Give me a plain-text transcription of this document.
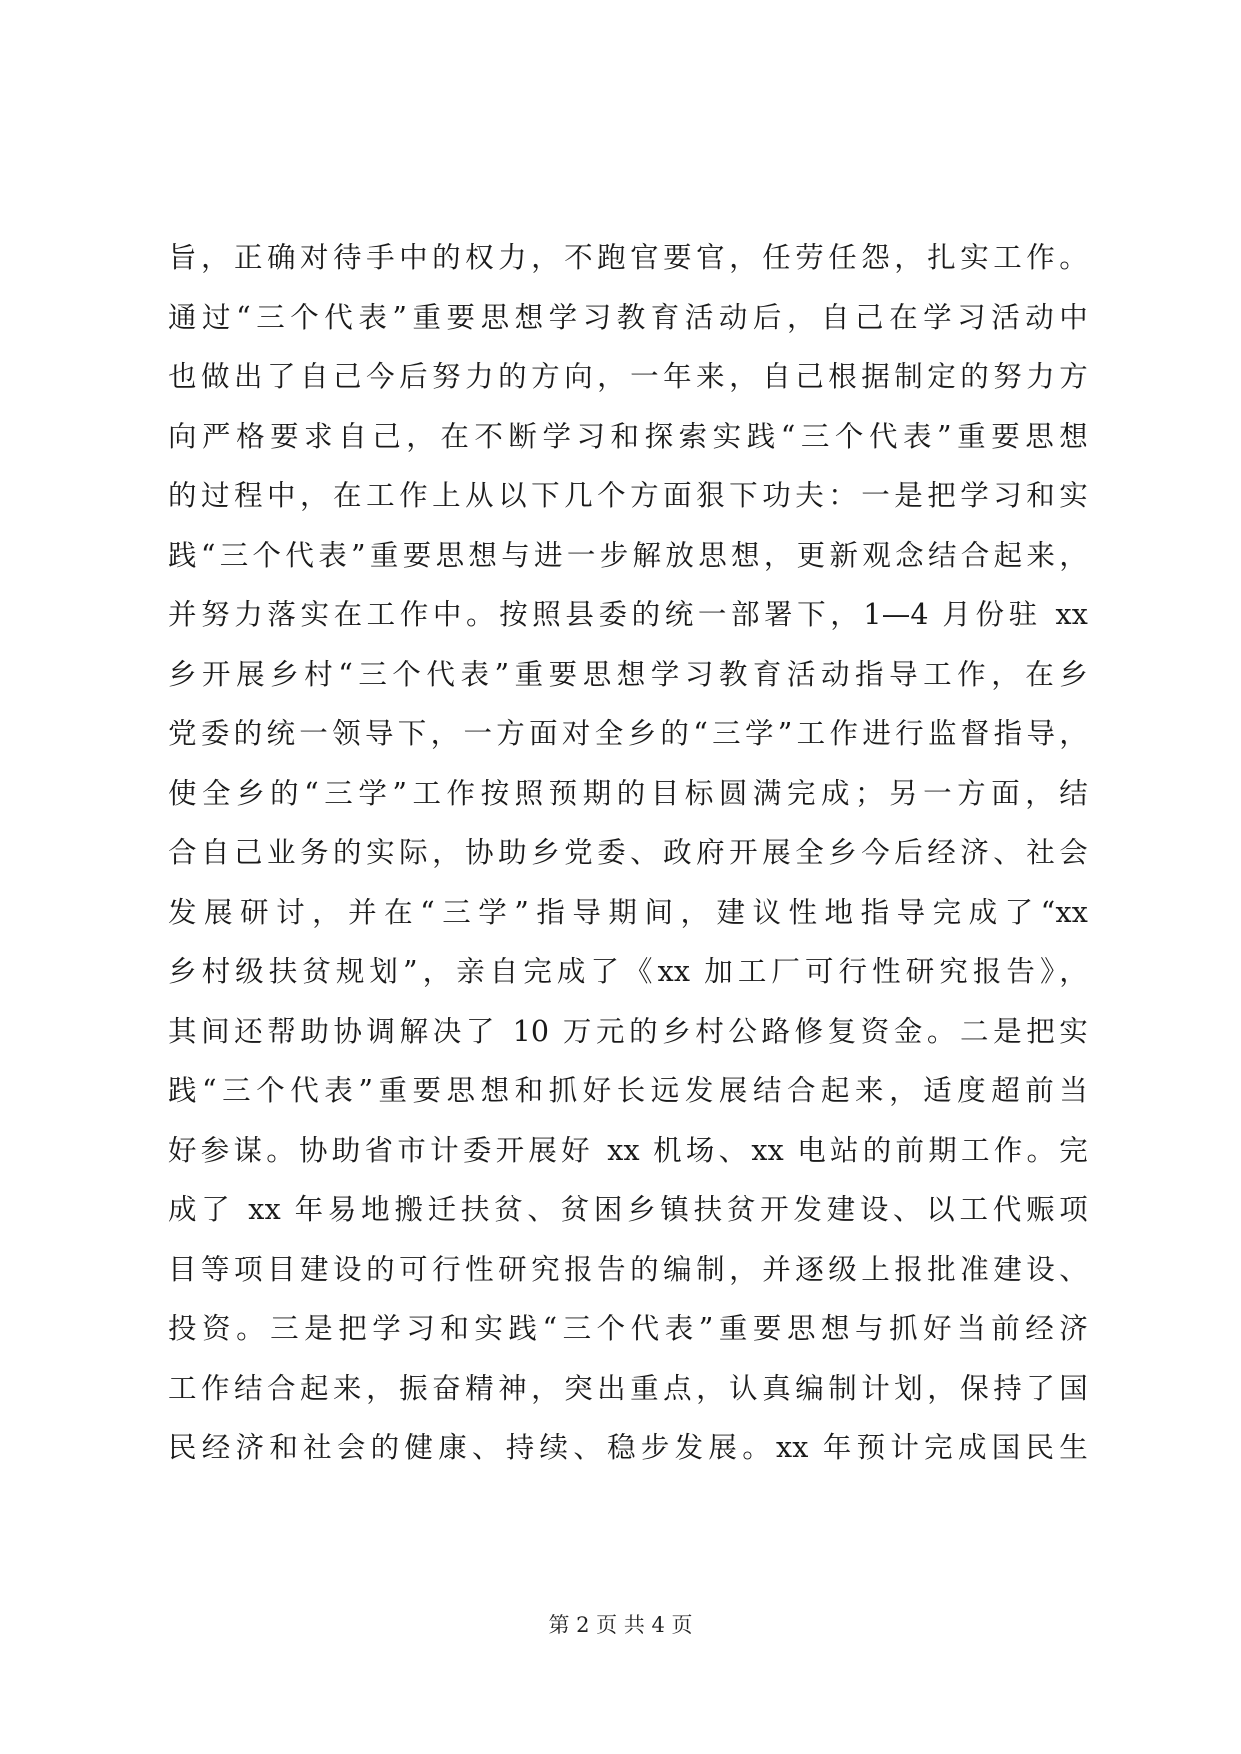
旨，正确对待手中的权力，不跑官要官，任劳任怨，扎实工作。
通过“三个代表”重要思想学习教育活动后，自己在学习活动中
也做出了自己今后努力的方向，一年来，自己根据制定的努力方
向严格要求自己，在不断学习和探索实践“三个代表”重要思想
的过程中，在工作上从以下几个方面狠下功夫：一是把学习和实
践“三个代表”重要思想与进一步解放思想，更新观念结合起来，
并努力落实在工作中。按照县委的统一部署下，1—4 月份驻 xx
乡开展乡村“三个代表”重要思想学习教育活动指导工作，在乡
党委的统一领导下，一方面对全乡的“三学”工作进行监督指导，
使全乡的“三学”工作按照预期的目标圆满完成；另一方面，结
合自己业务的实际，协助乡党委、政府开展全乡今后经济、社会
发展研讨，并在“三学”指导期间，建议性地指导完成了“xx
乡村级扶贫规划”，亲自完成了《xx 加工厂可行性研究报告》，
其间还帮助协调解决了 10 万元的乡村公路修复资金。二是把实
践“三个代表”重要思想和抓好长远发展结合起来，适度超前当
好参谋。协助省市计委开展好 xx 机场、xx 电站的前期工作。完
成了 xx 年易地搬迁扶贫、贫困乡镇扶贫开发建设、以工代赈项
目等项目建设的可行性研究报告的编制，并逐级上报批准建设、
投资。三是把学习和实践“三个代表”重要思想与抓好当前经济
工作结合起来，振奋精神，突出重点，认真编制计划，保持了国
民经济和社会的健康、持续、稳步发展。xx 年预计完成国民生
第 2 页 共 4 页
